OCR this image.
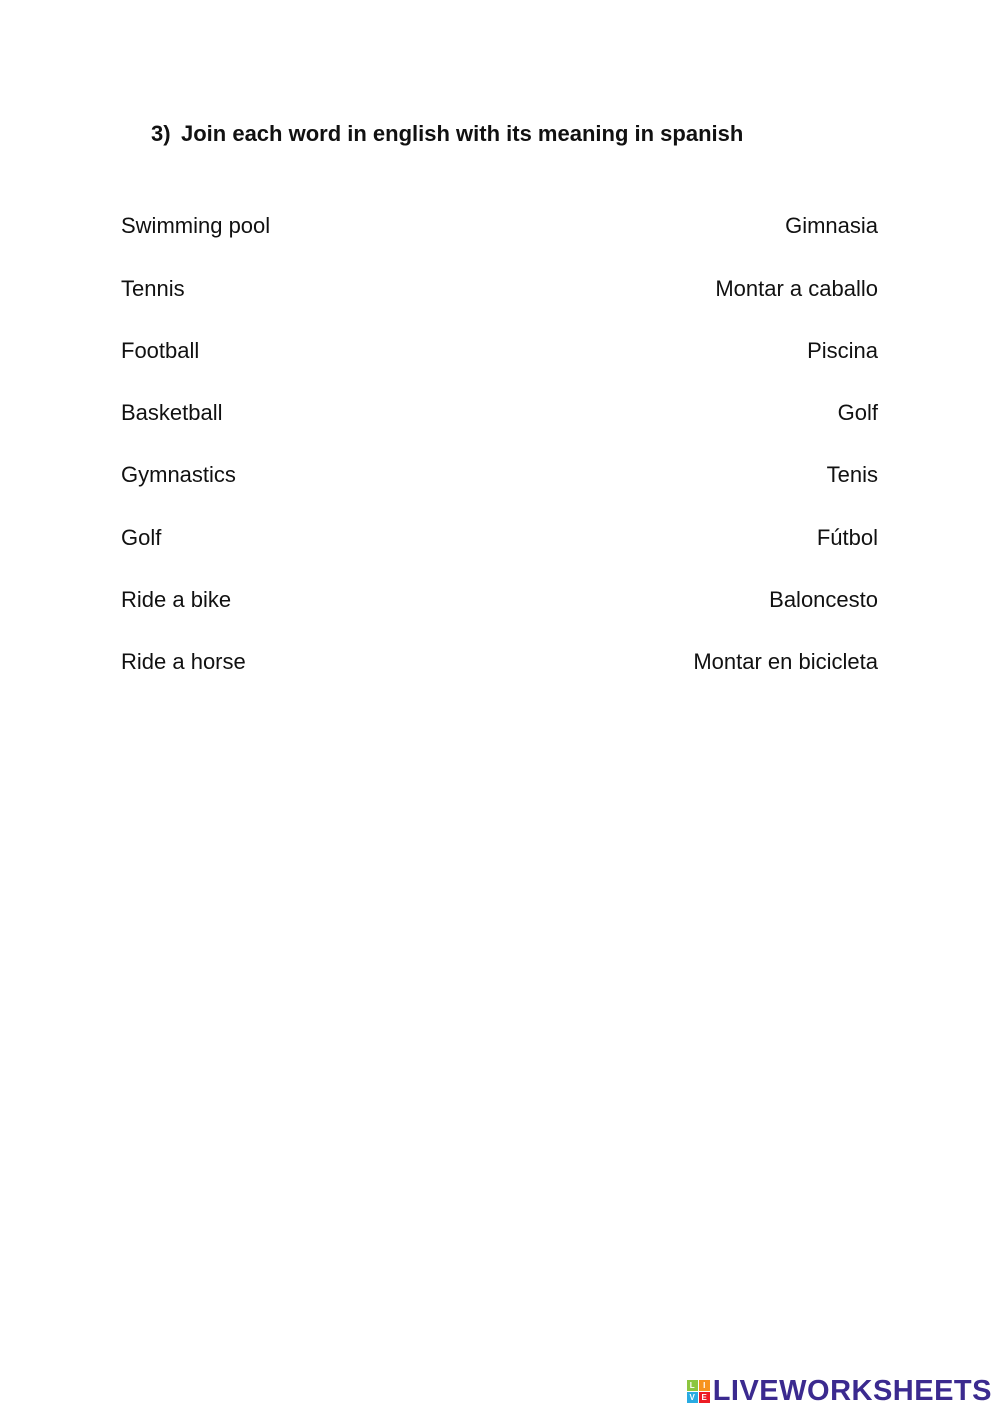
3) Join each word in english with its meaning in spanish
Swimming pool	Gimnasia
Tennis	Montar a caballo
Football	Piscina
Basketball	Golf
Gymnastics	Tenis
Golf	Fútbol
Ride a bike	Baloncesto
Ride a horse	Montar en bicicleta
L	I
V E LIVEWORKSHEETS
